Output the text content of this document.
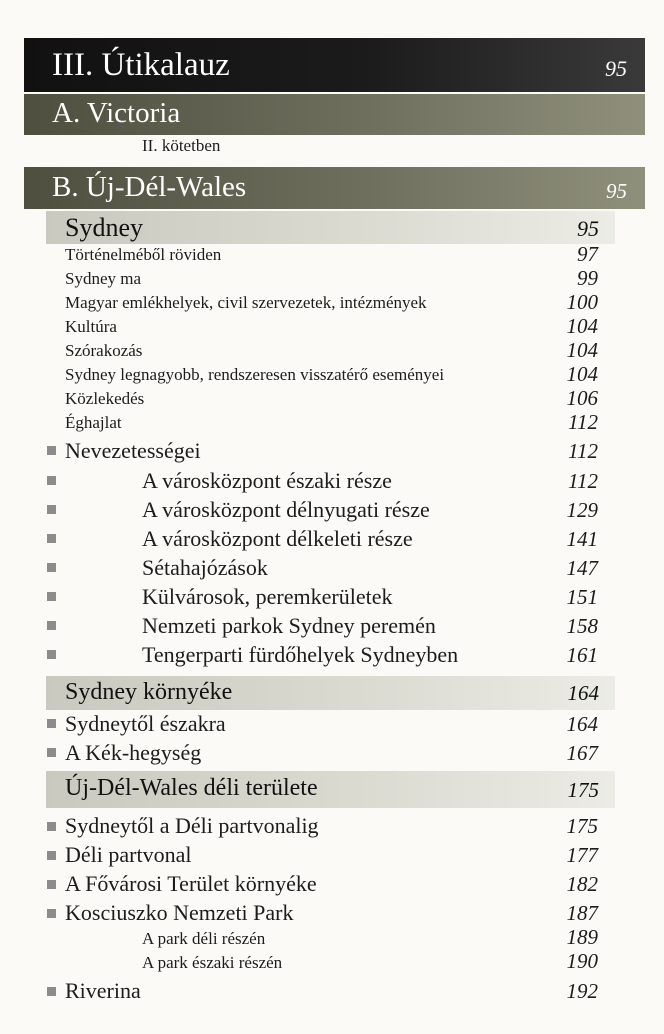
III. Útikalauz	95
A. Victoria
II. kötetben
B. Új-Dél-Wales	95
Sydney	95
Történelméből röviden	97
Sydney ma	99
Magyar emlékhelyek, civil szervezetek, intézmények	100
Kultúra	104
Szórakozás	104
Sydney legnagyobb, rendszeresen visszatérő eseményei	104
Közlekedés	106
Éghajlat	112
Nevezetességei	112
A városközpont északi része	112
A városközpont délnyugati része	129
A városközpont délkeleti része	141
Sétahajózások	147
Külvárosok, peremkerületek	151
Nemzeti parkok Sydney peremén	158
Tengerparti fürdőhelyek Sydneyben	161
Sydney környéke	164
Sydneytől északra	164
A Kék-hegység	167
Új-Dél-Wales déli területe	175
Sydneytől a Déli partvonalig	175
Déli partvonal	177
A Fővárosi Terület környéke	182
Kosciuszko Nemzeti Park	187
A park déli részén	189
A park északi részén	190
Riverina	192
